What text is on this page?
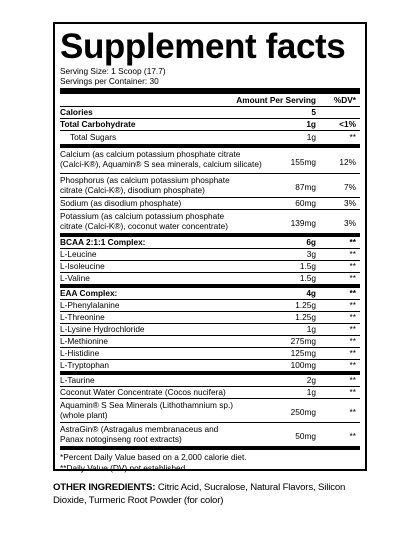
Supplement facts
Serving Size: 1 Scoop (17.7)
Servings per Container: 30
Amount Per Serving %DV*
Calories	5
Total Carbohydrate	1g	<1%
Total Sugars	1g	**
Calcium (as calcium potassium phosphate citrate
(Calci-K®), Aquamin® S sea minerals, calcium silicate)	155mg	12%
Phosphorus (as calcium potassium phosphate
citrate (Calci-K®), disodium phosphate)	87mg	7%
Sodium (as disodium phosphate)	60mg	3%
Potassium (as calcium potassium phosphate
citrate (Calci-K®), coconut water concentrate)	139mg	3%
BCAA 2:1:1 Complex:	6g	**
L-Leucine	3g	**
L-Isoleucine	1.5g	**
L-Valine	1.5g	**
EAA Complex:	4g	**
L-Phenylalanine	1.25g	**
L-Threonine	1.25g	**
L-Lysine Hydrochloride	1g	**
L-Methionine	275mg	**
L-Histidine	125mg	**
L-Tryptophan	100mg	**
L-Taurine	2g	**
Coconut Water Concentrate (Cocos nucifera)	1g	**
Aquamin® S Sea Minerals (Lithothamnium sp.)
(whole plant)	250mg	**
AstraGin® (Astragalus membranaceus and
Panax notoginseng root extracts)	50mg	**
*Percent Daily Value based on a 2,000 calorie diet.
**Daily Value (DV) not established.
OTHER INGREDIENTS: Citric Acid, Sucralose, Natural Flavors, Silicon Dioxide, Turmeric Root Powder (for color)
